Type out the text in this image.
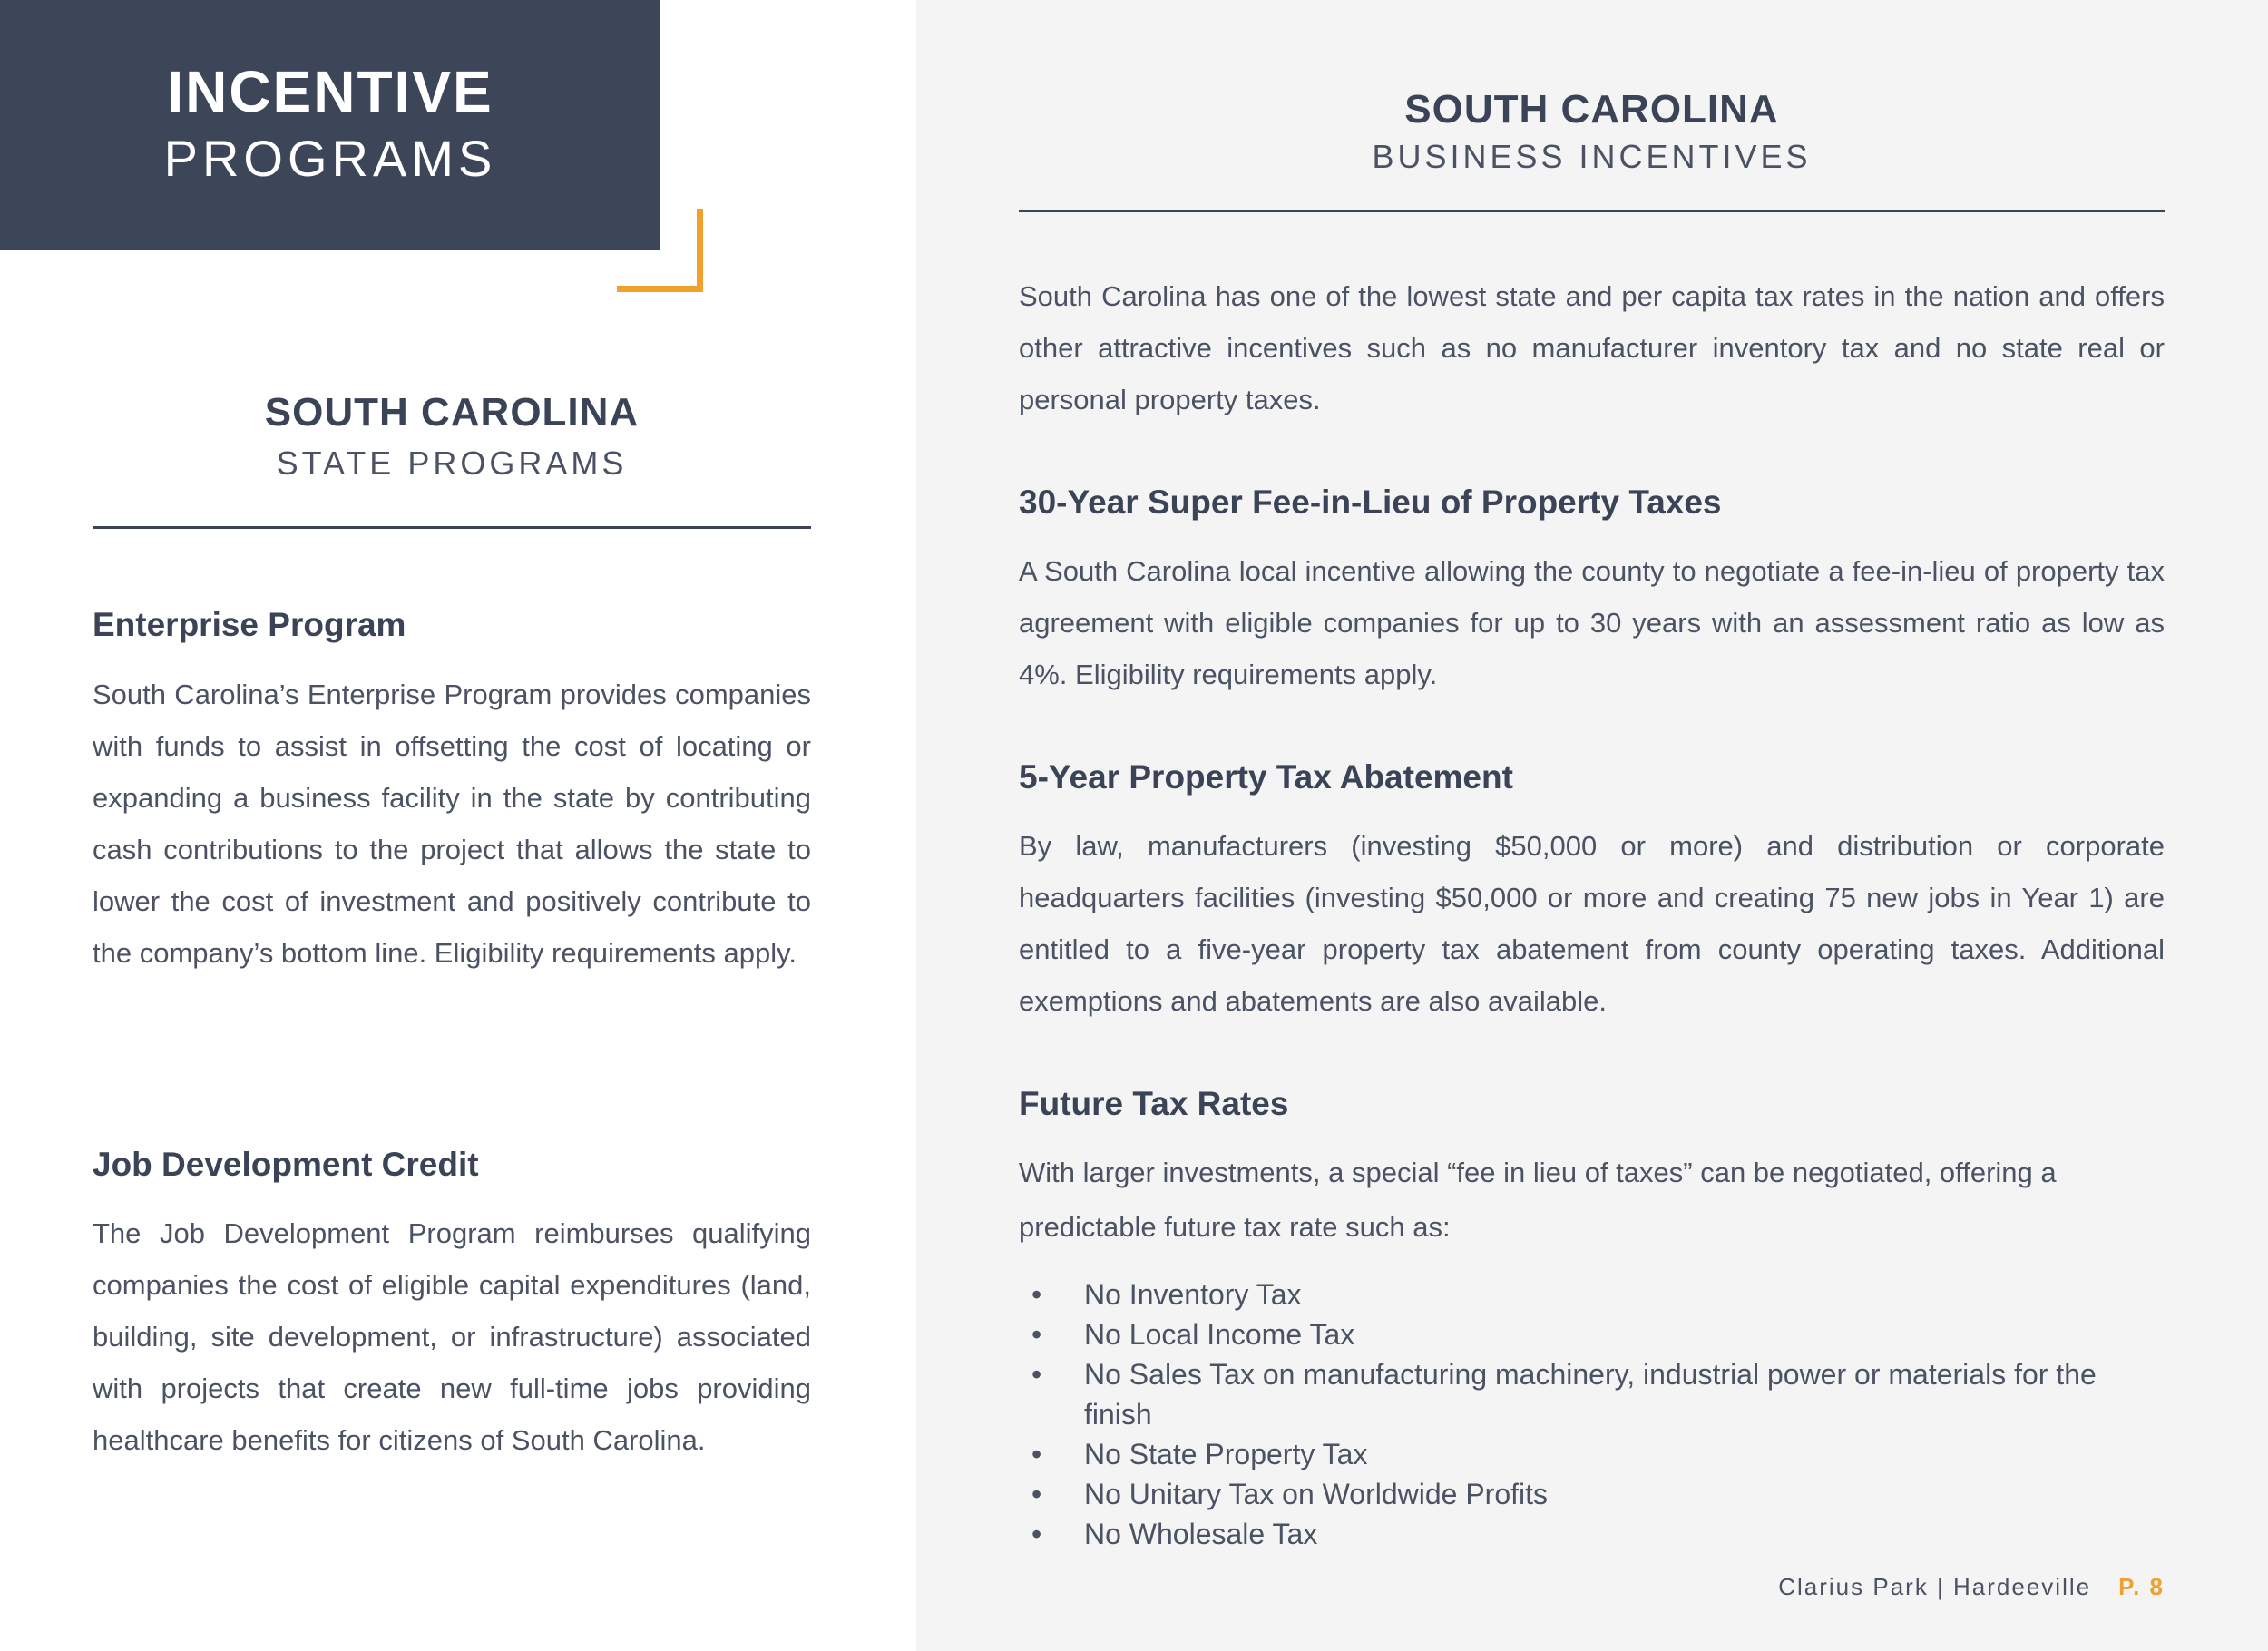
INCENTIVE
PROGRAMS
SOUTH CAROLINA
STATE PROGRAMS
Enterprise Program

South Carolina’s Enterprise Program provides companies with funds to assist in offsetting the cost of locating or expanding a business facility in the state by contributing cash contributions to the project that allows the state to lower the cost of investment and positively contribute to the company’s bottom line. Eligibility requirements apply.

Job Development Credit

The Job Development Program reimburses qualifying companies the cost of eligible capital expenditures (land, building, site development, or infrastructure) associated with projects that create new full-time jobs providing healthcare benefits for citizens of South Carolina.

SOUTH CAROLINA
BUSINESS INCENTIVES

South Carolina has one of the lowest state and per capita tax rates in the nation and offers other attractive incentives such as no manufacturer inventory tax and no state real or personal property taxes.

30-Year Super Fee-in-Lieu of Property Taxes

A South Carolina local incentive allowing the county to negotiate a fee-in-lieu of property tax agreement with eligible companies for up to 30 years with an assessment ratio as low as 4%. Eligibility requirements apply.

5-Year Property Tax Abatement

By law, manufacturers (investing $50,000 or more) and distribution or corporate headquarters facilities (investing $50,000 or more and creating 75 new jobs in Year 1) are entitled to a five-year property tax abatement from county operating taxes. Additional exemptions and abatements are also available.

Future Tax Rates

With larger investments, a special “fee in lieu of taxes” can be negotiated, offering a predictable future tax rate such as:

• No Inventory Tax
• No Local Income Tax
• No Sales Tax on manufacturing machinery, industrial power or materials for the finish
• No State Property Tax
• No Unitary Tax on Worldwide Profits
• No Wholesale Tax
Clarius Park | Hardeeville P. 8
